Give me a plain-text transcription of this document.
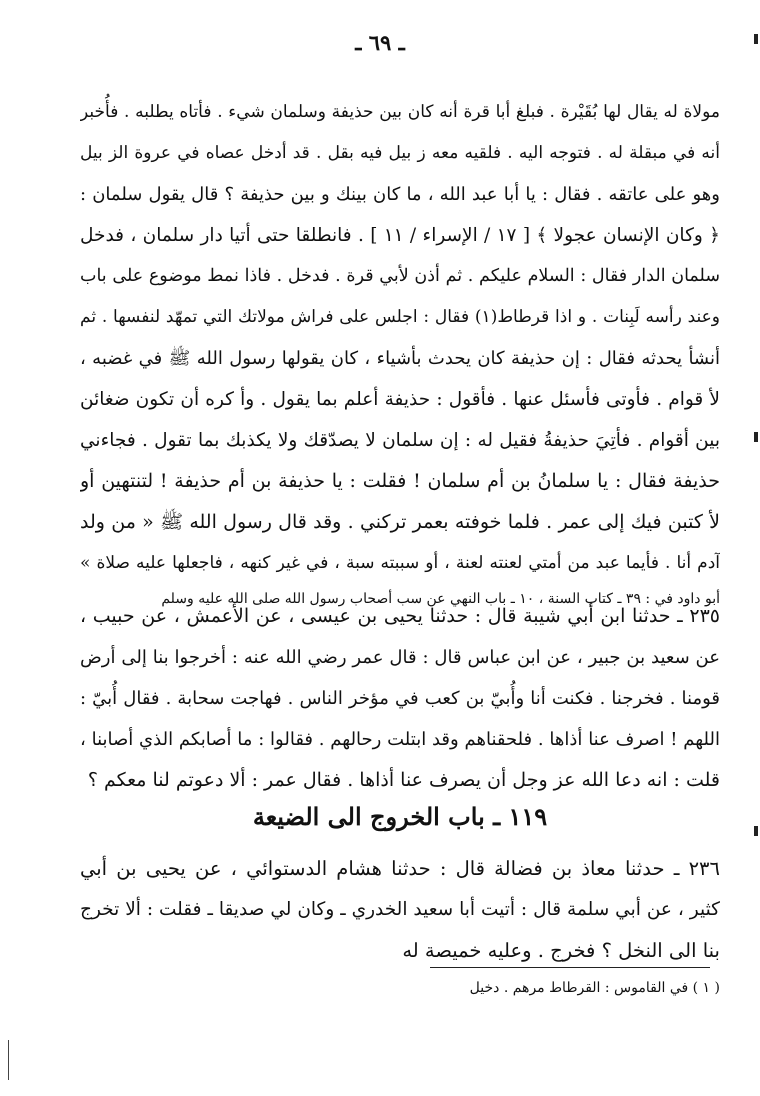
ـ ٦٩ ـ
مولاة له يقال لها بُقَيْرة . فبلغ أبا قرة أنه كان بين حذيفة وسلمان شيء . فأتاه يطلبه . فأُخبر
أنه في مبقلة له . فتوجه اليه . فلقيه معه ز بيل فيه بقل . قد أدخل عصاه في عروة الز بيل
وهو على عاتقه . فقال : يا أبا عبد الله ، ما كان بينك و بين حذيفة ؟ قال يقول سلمان :
﴿ وكان الإنسان عجولا ﴾ [ ١٧ / الإسراء / ١١ ] . فانطلقا حتى أتيا دار سلمان ، فدخل
سلمان الدار فقال : السلام عليكم . ثم أذن لأبي قرة . فدخل . فاذا نمط موضوع على باب
وعند رأسه لَبِنات . و اذا قرطاط(١) فقال : اجلس على فراش مولاتك التي تمهّد لنفسها . ثم
أنشأ يحدثه فقال : إن حذيفة كان يحدث بأشياء ، كان يقولها رسول الله ﷺ في غضبه ،
لأ قوام . فأوتى فأسئل عنها . فأقول : حذيفة أعلم بما يقول . وأ كره أن تكون ضغائن
بين أقوام . فأتِيَ حذيفةُ فقيل له : إن سلمان لا يصدّقك ولا يكذبك بما تقول . فجاءني
حذيفة فقال : يا سلمانُ بن أم سلمان ! فقلت : يا حذيفة بن أم حذيفة ! لتنتهين أو
لأ كتبن فيك إلى عمر . فلما خوفته بعمر تركني . وقد قال رسول الله ﷺ « من ولد
آدم أنا . فأيما عبد من أمتي لعنته لعنة ، أو سببته سبة ، في غير كنهه ، فاجعلها عليه صلاة »
أبو داود في : ٣٩ ـ كتاب السنة ، ١٠ ـ باب النهي عن سب أصحاب رسول الله صلى الله عليه وسلم
٢٣٥ ـ حدثنا ابن أبي شيبة قال : حدثنا يحيى بن عيسى ، عن الأعمش ، عن حبيب ،
عن سعيد بن جبير ، عن ابن عباس قال : قال عمر رضي الله عنه : أخرجوا بنا إلى أرض
قومنا . فخرجنا . فكنت أنا وأُبيّ بن كعب في مؤخر الناس . فهاجت سحابة . فقال أُبيّ :
اللهم ! اصرف عنا أذاها . فلحقناهم وقد ابتلت رحالهم . فقالوا : ما أصابكم الذي أصابنا ،
قلت : انه دعا الله عز وجل أن يصرف عنا أذاها . فقال عمر : ألا دعوتم لنا معكم ؟
١١٩ ـ باب الخروج الى الضيعة
٢٣٦ ـ حدثنا معاذ بن فضالة قال : حدثنا هشام الدستوائي ، عن يحيى بن أبي
كثير ، عن أبي سلمة قال : أتيت أبا سعيد الخدري ـ وكان لي صديقا ـ فقلت : ألا تخرج
بنا الى النخل ؟ فخرج . وعليه خميصة له
( ١ ) في القاموس : القرطاط مرهم . دخيل
